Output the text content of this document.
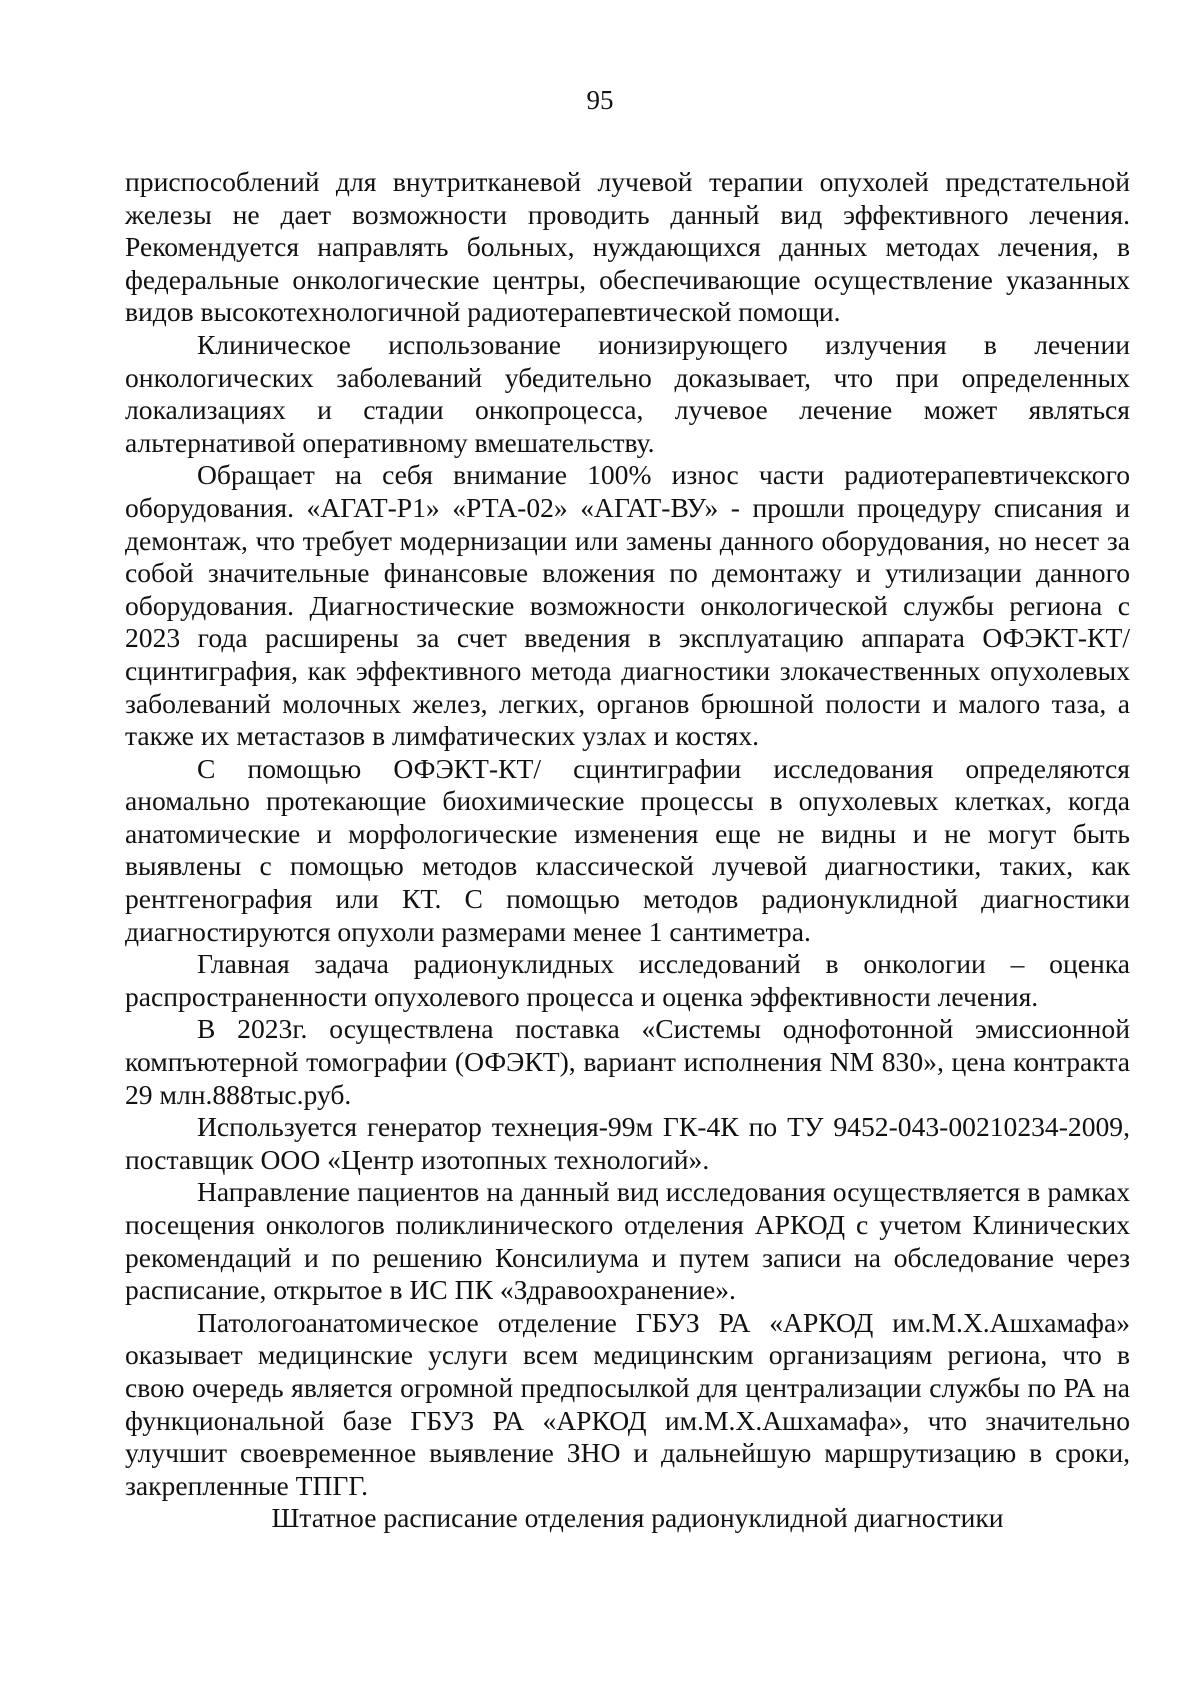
95

приспособлений для внутритканевой лучевой терапии опухолей предстательной железы не дает возможности проводить данный вид эффективного лечения. Рекомендуется направлять больных, нуждающихся данных методах лечения, в федеральные онкологические центры, обеспечивающие осуществление указанных видов высокотехнологичной радиотерапевтической помощи.

Клиническое использование ионизирующего излучения в лечении онкологических заболеваний убедительно доказывает, что при определенных локализациях и стадии онкопроцесса, лучевое лечение может являться альтернативой оперативному вмешательству.

Обращает на себя внимание 100% износ части радиотерапевтичекского оборудования. «АГАТ-Р1» «РТА-02» «АГАТ-ВУ» - прошли процедуру списания и демонтаж, что требует модернизации или замены данного оборудования, но несет за собой значительные финансовые вложения по демонтажу и утилизации данного оборудования. Диагностические возможности онкологической службы региона с 2023 года расширены за счет введения в эксплуатацию аппарата ОФЭКТ-КТ/ сцинтиграфия, как эффективного метода диагностики злокачественных опухолевых заболеваний молочных желез, легких, органов брюшной полости и малого таза, а также их метастазов в лимфатических узлах и костях.

С помощью ОФЭКТ-КТ/ сцинтиграфии исследования определяются аномально протекающие биохимические процессы в опухолевых клетках, когда анатомические и морфологические изменения еще не видны и не могут быть выявлены с помощью методов классической лучевой диагностики, таких, как рентгенография или КТ. С помощью методов радионуклидной диагностики диагностируются опухоли размерами менее 1 сантиметра.

Главная задача радионуклидных исследований в онкологии – оценка распространенности опухолевого процесса и оценка эффективности лечения.

В 2023г. осуществлена поставка «Системы однофотонной эмиссионной компъютерной томографии (ОФЭКТ), вариант исполнения NM 830», цена контракта 29 млн.888тыс.руб.

Используется генератор технеция-99м ГК-4К по ТУ 9452-043-00210234-2009, поставщик ООО «Центр изотопных технологий».

Направление пациентов на данный вид исследования осуществляется в рамках посещения онкологов поликлинического отделения АРКОД с учетом Клинических рекомендаций и по решению Консилиума и путем записи на обследование через расписание, открытое в ИС ПК «Здравоохранение».

Патологоанатомическое отделение ГБУЗ РА «АРКОД им.М.Х.Ашхамафа» оказывает медицинские услуги всем медицинским организациям региона, что в свою очередь является огромной предпосылкой для централизации службы по РА на функциональной базе ГБУЗ РА «АРКОД им.М.Х.Ашхамафа», что значительно улучшит своевременное выявление ЗНО и дальнейшую маршрутизацию в сроки, закрепленные ТПГГ.

Штатное расписание отделения радионуклидной диагностики
